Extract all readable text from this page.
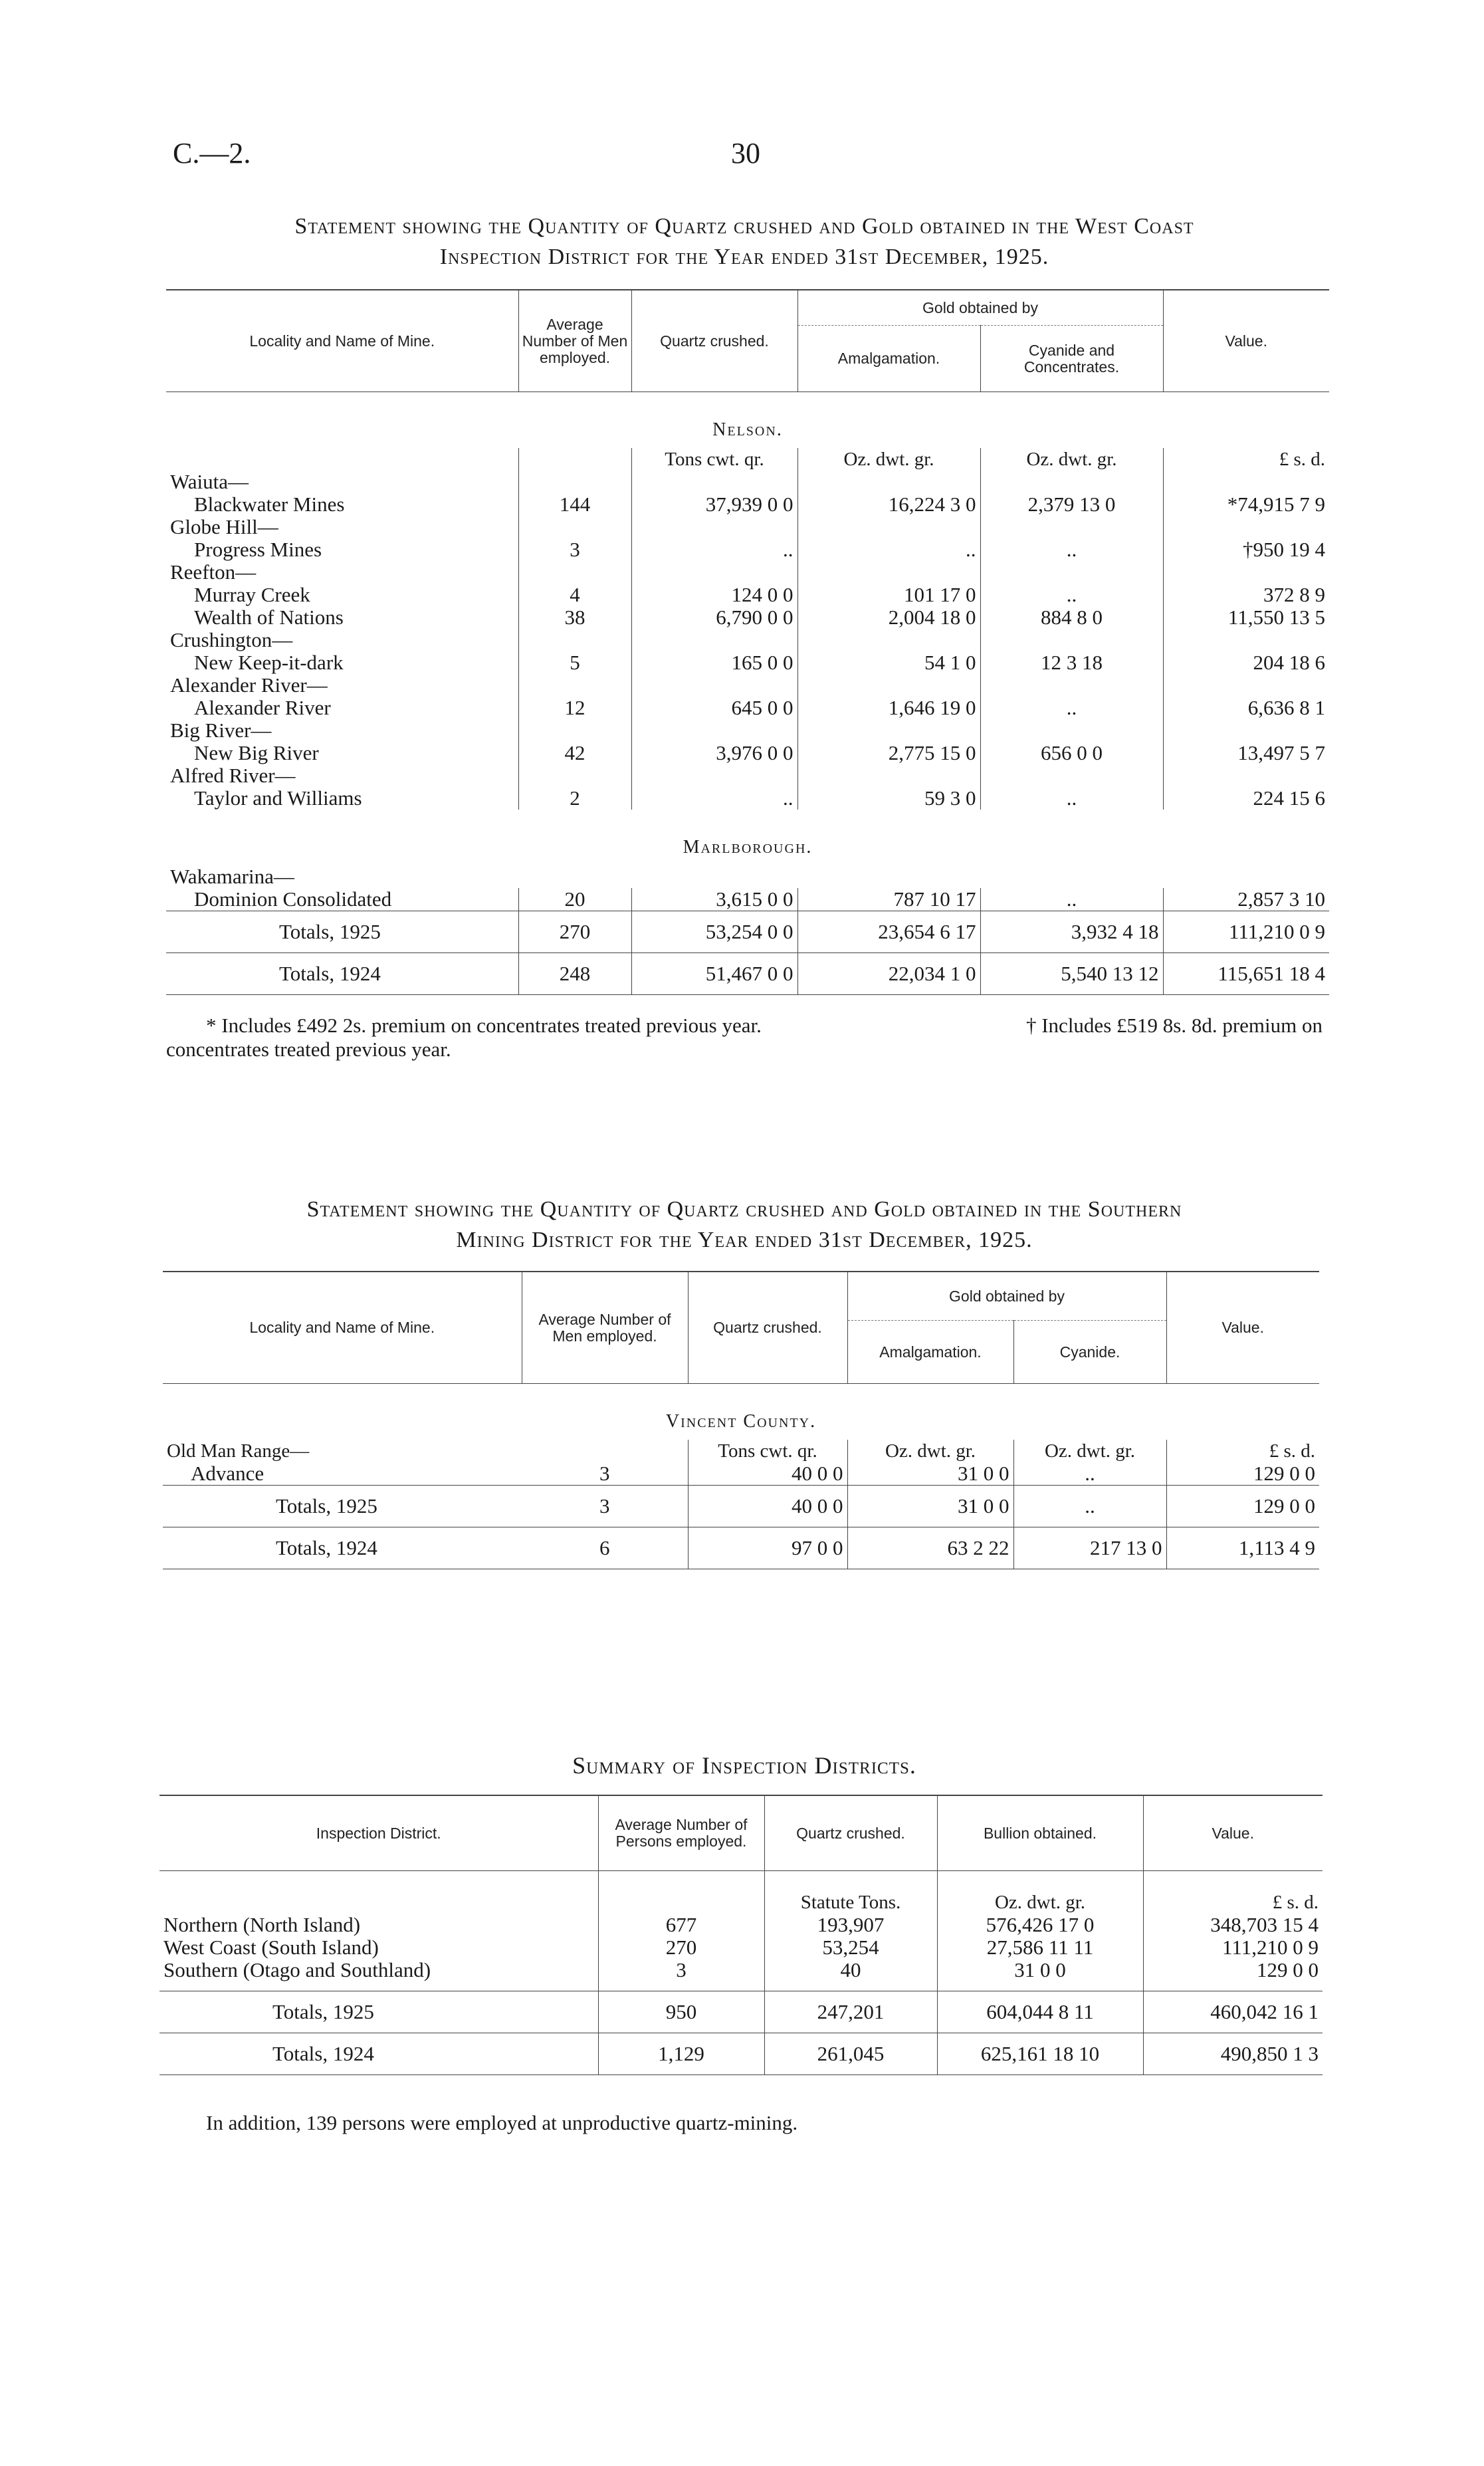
C.—2.	30
Statement showing the Quantity of Quartz crushed and Gold obtained in the West Coast
Inspection District for the Year ended 31st December, 1925.
Locality and Name of Mine.	Average Number of Men employed.	Quartz crushed.	Gold obtained by		Value.
			Amalgamation.	Cyanide and Concentrates.	
Nelson.					
		Tons cwt. qr.	Oz. dwt. gr.	Oz. dwt. gr.	£ s. d.
Waiuta—					
Blackwater Mines	144	37,939 0 0	16,224 3 0	2,379 13 0	*74,915 7 9
Globe Hill—					
Progress Mines	3	..	..	..	†950 19 4
Reefton—					
Murray Creek	4	124 0 0	101 17 0	..	372 8 9
Wealth of Nations	38	6,790 0 0	2,004 18 0	884 8 0	11,550 13 5
Crushington—					
New Keep-it-dark	5	165 0 0	54 1 0	12 3 18	204 18 6
Alexander River—					
Alexander River	12	645 0 0	1,646 19 0	..	6,636 8 1
Big River—					
New Big River	42	3,976 0 0	2,775 15 0	656 0 0	13,497 5 7
Alfred River—					
Taylor and Williams	2	..	59 3 0	..	224 15 6
Marlborough.					
Wakamarina—					
Dominion Consolidated	20	3,615 0 0	787 10 17	..	2,857 3 10
Totals, 1925	270	53,254 0 0	23,654 6 17	3,932 4 18	111,210 0 9
Totals, 1924	248	51,467 0 0	22,034 1 0	5,540 13 12	115,651 18 4
* Includes £492 2s. premium on concentrates treated previous year.
concentrates treated previous year.
† Includes £519 8s. 8d. premium on
Statement showing the Quantity of Quartz crushed and Gold obtained in the Southern
Mining District for the Year ended 31st December, 1925.
Locality and Name of Mine.	Average Number of Men employed.	Quartz crushed.	Gold obtained by		Value.
			Amalgamation.	Cyanide.	
Vincent County.					
Old Man Range—		Tons cwt. qr.	Oz. dwt. gr.	Oz. dwt. gr.	£ s. d.
Advance	3	40 0 0	31 0 0	..	129 0 0
Totals, 1925	3	40 0 0	31 0 0	..	129 0 0
Totals, 1924	6	97 0 0	63 2 22	217 13 0	1,113 4 9
Summary of Inspection Districts.
Inspection District.	Average Number of Persons employed.	Quartz crushed.	Bullion obtained.	Value.
		Statute Tons.	Oz. dwt. gr.	£ s. d.
Northern (North Island)	677	193,907	576,426 17 0	348,703 15 4
West Coast (South Island)	270	53,254	27,586 11 11	111,210 0 9
Southern (Otago and Southland)	3	40	31 0 0	129 0 0
Totals, 1925	950	247,201	604,044 8 11	460,042 16 1
Totals, 1924	1,129	261,045	625,161 18 10	490,850 1 3
In addition, 139 persons were employed at unproductive quartz-mining.
